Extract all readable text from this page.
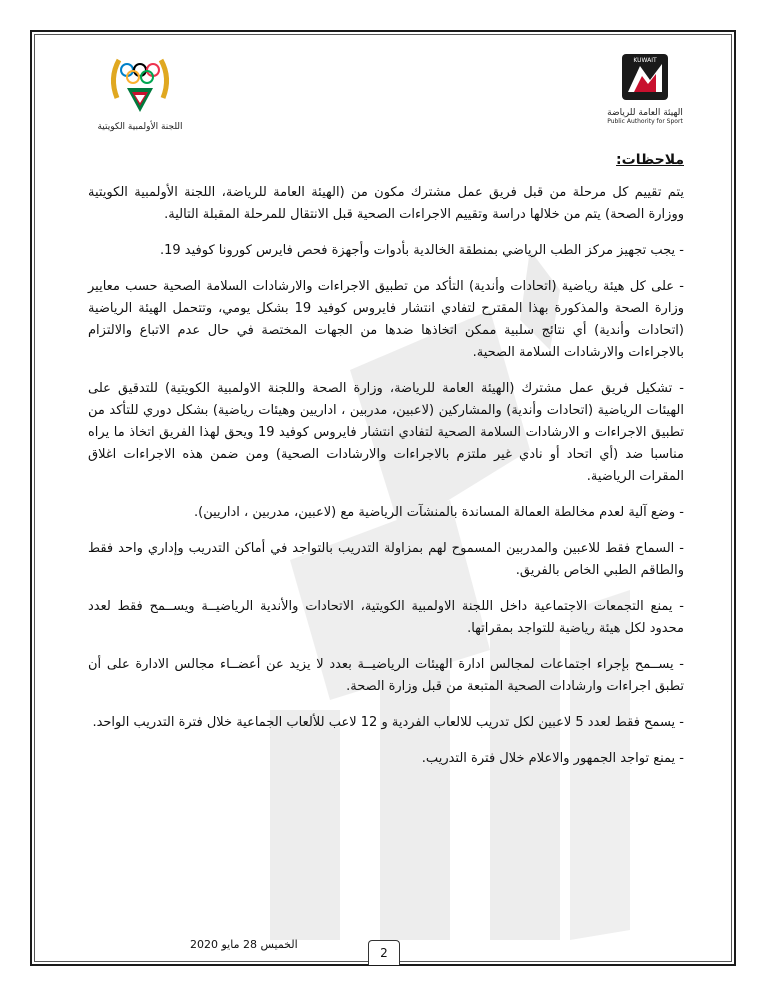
اللجنة الأولمبية الكويتية
KUWAIT
الهيئة العامة للرياضة
Public Authority for Sport
ملاحظات:

يتم تقييم كل مرحلة من قبل فريق عمل مشترك مكون من (الهيئة العامة للرياضة، اللجنة الأولمبية الكويتية ووزارة الصحة) يتم من خلالها دراسة وتقييم الاجراءات الصحية قبل الانتقال للمرحلة المقبلة التالية.

- يجب تجهيز مركز الطب الرياضي بمنطقة الخالدية بأدوات وأجهزة فحص فايرس كورونا كوفيد 19.

- على كل هيئة رياضية (اتحادات وأندية) التأكد من تطبيق الاجراءات والارشادات السلامة الصحية حسب معايير وزارة الصحة والمذكورة بهذا المقترح لتفادي انتشار فايروس كوفيد 19 بشكل يومي، وتتحمل الهيئة الرياضية (اتحادات وأندية) أي نتائج سلبية ممكن اتخاذها ضدها من الجهات المختصة في حال عدم الاتباع والالتزام بالاجراءات والارشادات السلامة الصحية.

- تشكيل فريق عمل مشترك (الهيئة العامة للرياضة، وزارة الصحة واللجنة الاولمبية الكويتية) للتدقيق على الهيئات الرياضية (اتحادات وأندية) والمشاركين (لاعبين، مدربين ، اداريين وهيئات رياضية) بشكل دوري للتأكد من تطبيق الاجراءات و الارشادات السلامة الصحية لتفادي انتشار فايروس كوفيد 19 ويحق لهذا الفريق اتخاذ ما يراه مناسبا ضد (أي اتحاد أو نادي غير ملتزم بالاجراءات والارشادات الصحية) ومن ضمن هذه الاجراءات اغلاق المقرات الرياضية.

- وضع آلية لعدم مخالطة العمالة المساندة بالمنشآت الرياضية مع (لاعبين، مدربين ، اداريين).

- السماح فقط للاعبين والمدربين المسموح لهم بمزاولة التدريب بالتواجد في أماكن التدريب وإداري واحد فقط والطاقم الطبي الخاص بالفريق.

- يمنع التجمعات الاجتماعية داخل اللجنة الاولمبية الكويتية، الاتحادات والأندية الرياضيــة ويســمح فقط لعدد محدود لكل هيئة رياضية للتواجد بمقراتها.

- يســمح بإجراء اجتماعات لمجالس ادارة الهيئات الرياضيــة بعدد لا يزيد عن أعضــاء مجالس الادارة على أن تطبق اجراءات وارشادات الصحية المتبعة من قبل وزارة الصحة.

- يسمح فقط لعدد 5 لاعبين لكل تدريب للالعاب الفردية و 12 لاعب للألعاب الجماعية خلال فترة التدريب الواحد.

- يمنع تواجد الجمهور والاعلام خلال فترة التدريب.

الخميس 28 مايو 2020
2
